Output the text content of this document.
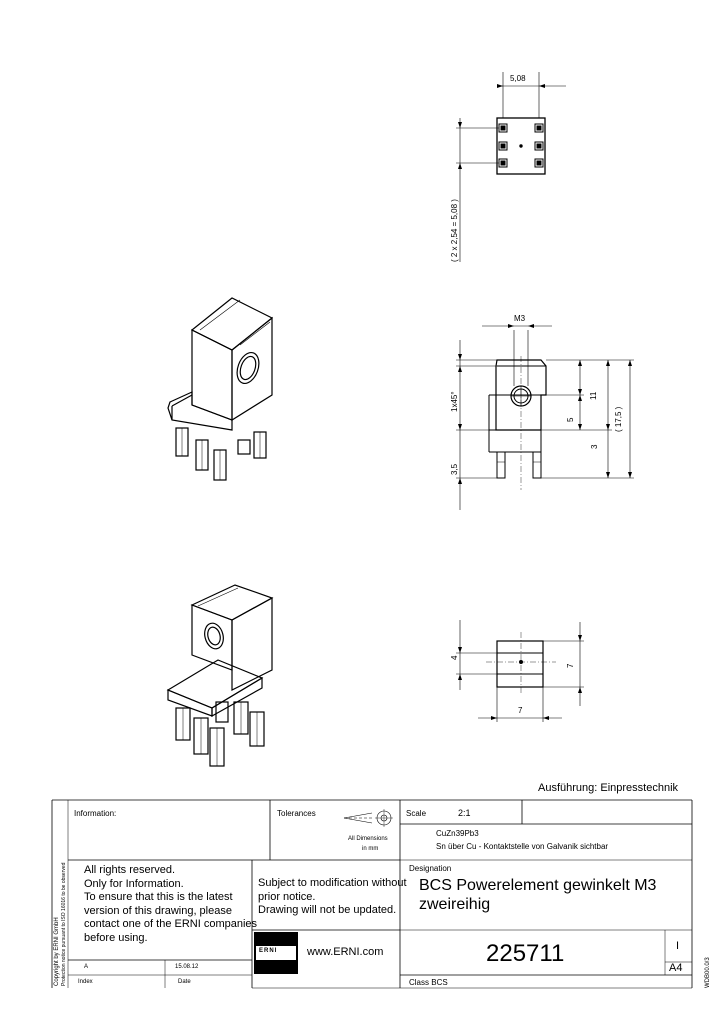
5,08
( 2 x 2,54 = 5,08 )
M3
1x45°	11
5
3
( 17,5 )
3,5
4
7
7
Ausführung: Einpresstechnik
Information:	Tolerances	Scale	2:1
All Dimensions
in mm
CuZn39Pb3
Sn über Cu - Kontaktstelle von Galvanik sichtbar
All rights reserved.
Only for Information.
To ensure that this is the latest
version of this drawing, please
contact one of the ERNI companies
before using.
Subject to modification without
prior notice.
Drawing will not be updated.
Designation
BCS Powerelement gewinkelt M3
zweireihig
ERNI	www.ERNI.com	225711	I
A4
A	15.08.12
Index	Date	Class BCS
Copyright by ERNI GmbH Protection notice pursuant to ISO 16016 to be observed	WDB00.0/3
